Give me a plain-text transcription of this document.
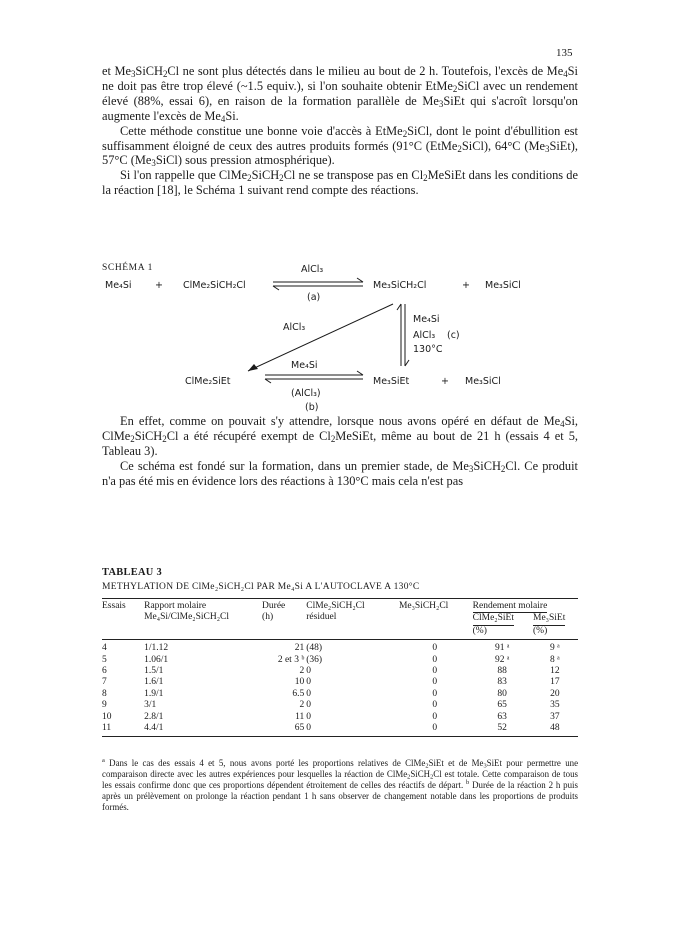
135

et $Me_3SiCH_2Cl$ ne sont plus détectés dans le milieu au bout de 2 h. Toutefois, l'excès de $Me_4Si$ ne doit pas être trop élevé (~1.5 equiv.), si l'on souhaite obtenir EtMe$_2$SiCl avec un rendement élevé (88%, essai 6), en raison de la formation parallèle de $Me_3SiEt$ qui s'acroît lorsqu'on augmente l'excès de $Me_4Si$.

Cette méthode constitue une bonne voie d'accès à EtMe$_2$SiCl, dont le point d'ébullition est suffisamment éloigné de ceux des autres produits formés (91°C (EtMe$_2$SiCl), 64°C $(Me_3SiEt)$, 57°C $(Me_3SiCl)$ sous pression atmosphérique).

Si l'on rappelle que ClMe$_2$SiCH$_2$Cl ne se transpose pas en $Cl_2MeSiEt$ dans les conditions de la réaction [18], le Schéma 1 suivant rend compte des réactions.

SCHÉMA 1
Me₄Si + ClMe₂SiCH₂Cl
AlCl₃
(a)
Me₃SiCH₂Cl	+ Me₃SiCl
AlCl₃
Me₄Si
AlCl₃ (c)
130°C
ClMe₂SiEt
Me₄Si
Me₃SiEt	+ Me₃SiCl
(AlCl₃)
(b)

En effet, comme on pouvait s'y attendre, lorsque nous avons opéré en défaut de $Me_4Si$, ClMe$_2$SiCH$_2$Cl a été récupéré exempt de $Cl_2MeSiEt$, même au bout de 21 h (essais 4 et 5, Tableau 3).

Ce schéma est fondé sur la formation, dans un premier stade, de $Me_3SiCH_2Cl$. Ce produit n'a pas été mis en évidence lors des réactions à 130°C mais cela n'est pas

TABLEAU 3
METHYLATION DE ClMe₂SiCH₂Cl PAR Me₄Si A L'AUTOCLAVE A 130°C
Essais	Rapport molaire
Me₄Si/ClMe₂SiCH₂Cl	Durée
(h)	ClMe₂SiCH₂Cl
résiduel	Me₃SiCH₂Cl	Rendement molaire
ClMe₂SiEt
(%) Me₃SiEt
(%)	
4	1/1.12	21	(48)	0	91 ᵃ	9 ᵃ
5	1.06/1	2 et 3 ᵇ	(36)	0	92 ᵃ	8 ᵃ
6	1.5/1	2	0	0	88	12
7	1.6/1	10	0	0	83	17
8	1.9/1	6.5	0	0	80	20
9	3/1	2	0	0	65	35
10	2.8/1	11	0	0	63	37
11	4.4/1	65	0	0	52	48
$^a$ Dans le cas des essais 4 et 5, nous avons porté les proportions relatives de ClMe$_2$SiEt et de $Me_3SiEt$ pour permettre une comparaison directe avec les autres expériences pour lesquelles la réaction de ClMe$_2$SiCH$_2$Cl est totale. Cette comparaison de tous les essais confirme donc que ces proportions dépendent étroitement de celles des réactifs de départ. $^b$ Durée de la réaction 2 h puis après un prélèvement on prolonge la réaction pendant 1 h sans observer de changement notable dans les proportions de produits formés.
